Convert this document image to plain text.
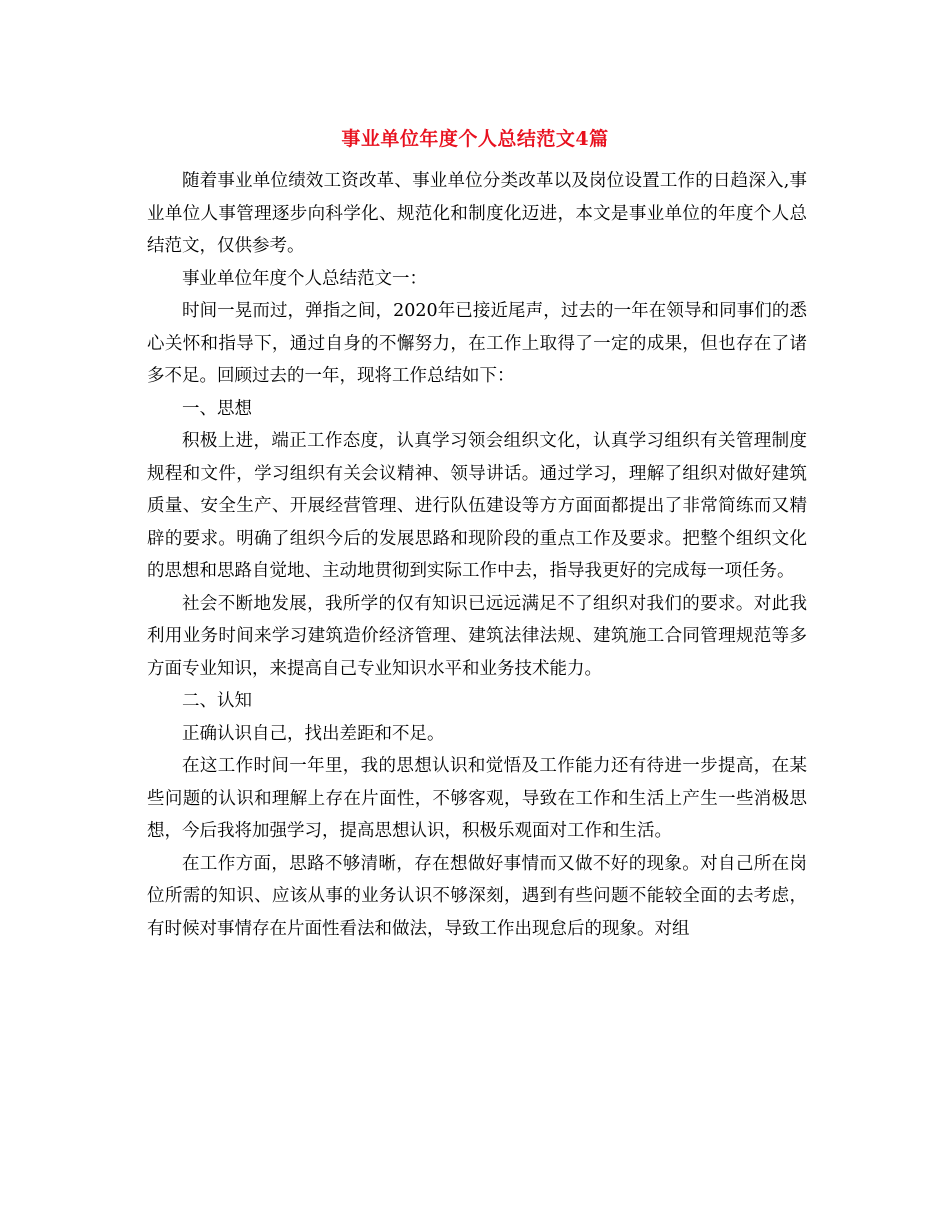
事业单位年度个人总结范文4篇

随着事业单位绩效工资改革、事业单位分类改革以及岗位设置工作的日趋深入,事业单位人事管理逐步向科学化、规范化和制度化迈进，本文是事业单位的年度个人总结范文，仅供参考。

事业单位年度个人总结范文一：

时间一晃而过，弹指之间，2020年已接近尾声，过去的一年在领导和同事们的悉心关怀和指导下，通过自身的不懈努力，在工作上取得了一定的成果，但也存在了诸多不足。回顾过去的一年，现将工作总结如下：

一、思想

积极上进，端正工作态度，认真学习领会组织文化，认真学习组织有关管理制度规程和文件，学习组织有关会议精神、领导讲话。通过学习，理解了组织对做好建筑质量、安全生产、开展经营管理、进行队伍建设等方方面面都提出了非常简练而又精辟的要求。明确了组织今后的发展思路和现阶段的重点工作及要求。把整个组织文化的思想和思路自觉地、主动地贯彻到实际工作中去，指导我更好的完成每一项任务。

社会不断地发展，我所学的仅有知识已远远满足不了组织对我们的要求。对此我利用业务时间来学习建筑造价经济管理、建筑法律法规、建筑施工合同管理规范等多方面专业知识，来提高自己专业知识水平和业务技术能力。

二、认知

正确认识自己，找出差距和不足。

在这工作时间一年里，我的思想认识和觉悟及工作能力还有待进一步提高，在某些问题的认识和理解上存在片面性，不够客观，导致在工作和生活上产生一些消极思想，今后我将加强学习，提高思想认识，积极乐观面对工作和生活。

在工作方面，思路不够清晰，存在想做好事情而又做不好的现象。对自己所在岗位所需的知识、应该从事的业务认识不够深刻，遇到有些问题不能较全面的去考虑，有时候对事情存在片面性看法和做法，导致工作出现怠后的现象。对组
